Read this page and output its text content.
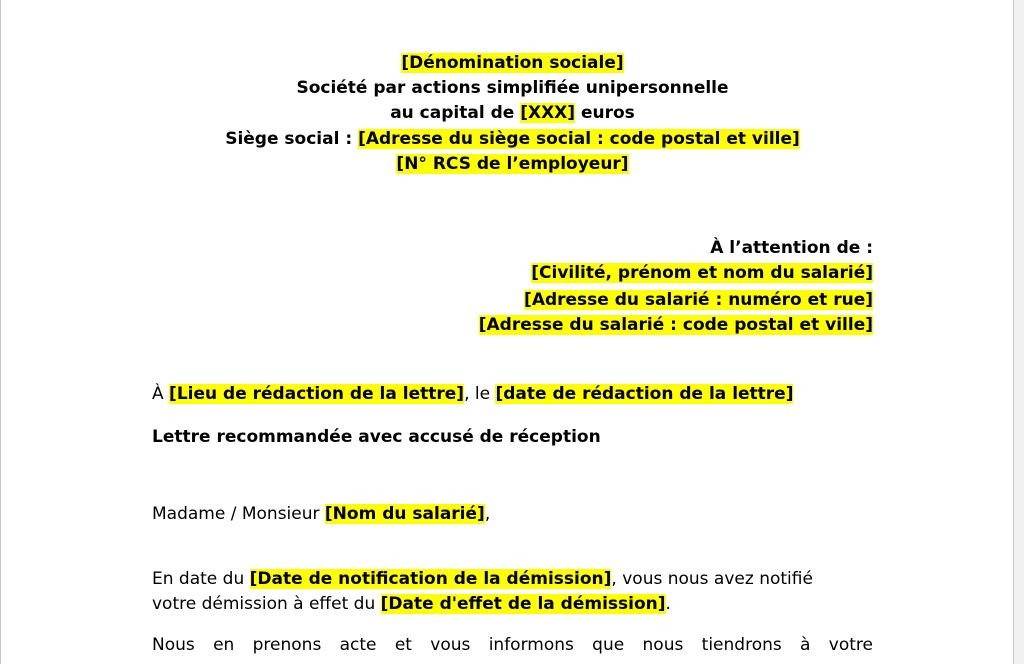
[Dénomination sociale]
Société par actions simplifiée unipersonnelle
au capital de [XXX] euros
Siège social : [Adresse du siège social : code postal et ville]
[N° RCS de l’employeur]
À l’attention de :
[Civilité, prénom et nom du salarié]
[Adresse du salarié : numéro et rue]
[Adresse du salarié : code postal et ville]
À [Lieu de rédaction de la lettre], le [date de rédaction de la lettre]
Lettre recommandée avec accusé de réception
Madame / Monsieur [Nom du salarié],
En date du [Date de notification de la démission], vous nous avez notifié
votre démission à effet du [Date d'effet de la démission].
Nous en prenons acte et vous informons que nous tiendrons à votre
